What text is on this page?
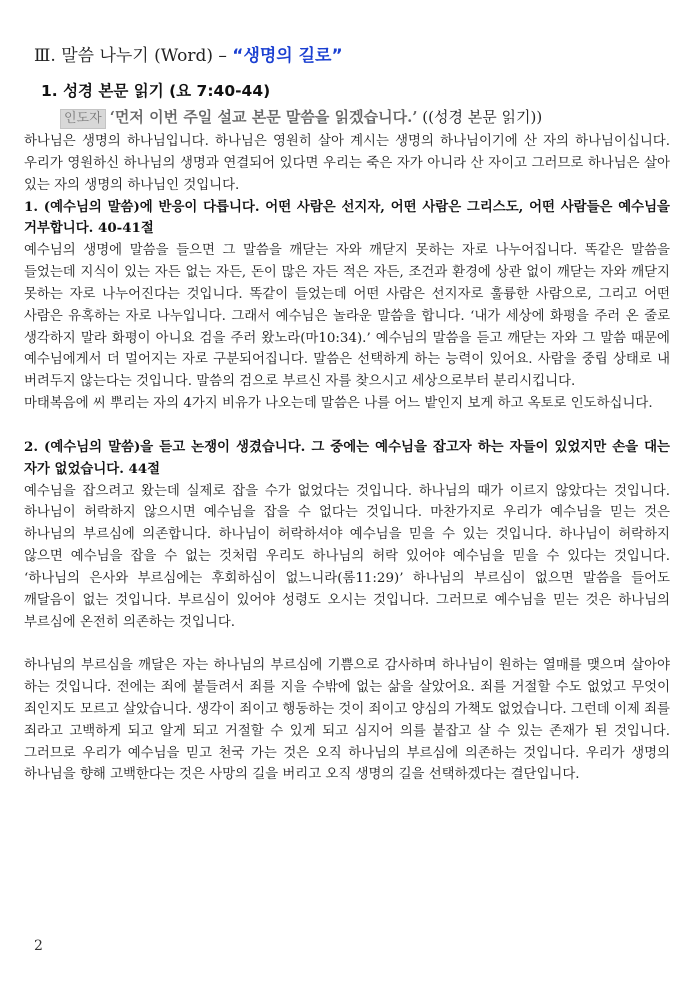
Ⅲ. 말씀 나누기 (Word) – “생명의 길로”
1. 성경 본문 읽기 (요 7:40-44)
인도자 ‘먼저 이번 주일 설교 본문 말씀을 읽겠습니다.’ ((성경 본문 읽기))

하나님은 생명의 하나님입니다. 하나님은 영원히 살아 계시는 생명의 하나님이기에 산 자의 하나님이십니다. 우리가 영원하신 하나님의 생명과 연결되어 있다면 우리는 죽은 자가 아니라 산 자이고 그러므로 하나님은 살아 있는 자의 생명의 하나님인 것입니다.

1. (예수님의 말씀)에 반응이 다릅니다. 어떤 사람은 선지자, 어떤 사람은 그리스도, 어떤 사람들은 예수님을 거부합니다. 40-41절

예수님의 생명에 말씀을 들으면 그 말씀을 깨닫는 자와 깨닫지 못하는 자로 나누어집니다. 똑같은 말씀을 들었는데 지식이 있는 자든 없는 자든, 돈이 많은 자든 적은 자든, 조건과 환경에 상관 없이 깨닫는 자와 깨닫지 못하는 자로 나누어진다는 것입니다. 똑같이 들었는데 어떤 사람은 선지자로 훌륭한 사람으로, 그리고 어떤 사람은 유혹하는 자로 나누입니다. 그래서 예수님은 놀라운 말씀을 합니다. ‘내가 세상에 화평을 주러 온 줄로 생각하지 말라 화평이 아니요 검을 주러 왔노라(마10:34).’ 예수님의 말씀을 듣고 깨닫는 자와 그 말씀 때문에 예수님에게서 더 멀어지는 자로 구분되어집니다. 말씀은 선택하게 하는 능력이 있어요. 사람을 중립 상태로 내 버려두지 않는다는 것입니다. 말씀의 검으로 부르신 자를 찾으시고 세상으로부터 분리시킵니다.

마태복음에 씨 뿌리는 자의 4가지 비유가 나오는데 말씀은 나를 어느 밭인지 보게 하고 옥토로 인도하십니다.

2. (예수님의 말씀)을 듣고 논쟁이 생겼습니다. 그 중에는 예수님을 잡고자 하는 자들이 있었지만 손을 대는 자가 없었습니다. 44절

예수님을 잡으려고 왔는데 실제로 잡을 수가 없었다는 것입니다. 하나님의 때가 이르지 않았다는 것입니다. 하나님이 허락하지 않으시면 예수님을 잡을 수 없다는 것입니다. 마찬가지로 우리가 예수님을 믿는 것은 하나님의 부르심에 의존합니다. 하나님이 허락하셔야 예수님을 믿을 수 있는 것입니다. 하나님이 허락하지 않으면 예수님을 잡을 수 없는 것처럼 우리도 하나님의 허락 있어야 예수님을 믿을 수 있다는 것입니다. ‘하나님의 은사와 부르심에는 후회하심이 없느니라(롬11:29)’ 하나님의 부르심이 없으면 말씀을 들어도 깨달음이 없는 것입니다. 부르심이 있어야 성령도 오시는 것입니다. 그러므로 예수님을 믿는 것은 하나님의 부르심에 온전히 의존하는 것입니다.

하나님의 부르심을 깨달은 자는 하나님의 부르심에 기쁨으로 감사하며 하나님이 원하는 열매를 맺으며 살아야 하는 것입니다. 전에는 죄에 붙들려서 죄를 지을 수밖에 없는 삶을 살았어요. 죄를 거절할 수도 없었고 무엇이 죄인지도 모르고 살았습니다. 생각이 죄이고 행동하는 것이 죄이고 양심의 가책도 없었습니다. 그런데 이제 죄를 죄라고 고백하게 되고 알게 되고 거절할 수 있게 되고 심지어 의를 붙잡고 살 수 있는 존재가 된 것입니다. 그러므로 우리가 예수님을 믿고 천국 가는 것은 오직 하나님의 부르심에 의존하는 것입니다. 우리가 생명의 하나님을 향해 고백한다는 것은 사망의 길을 버리고 오직 생명의 길을 선택하겠다는 결단입니다.

2
